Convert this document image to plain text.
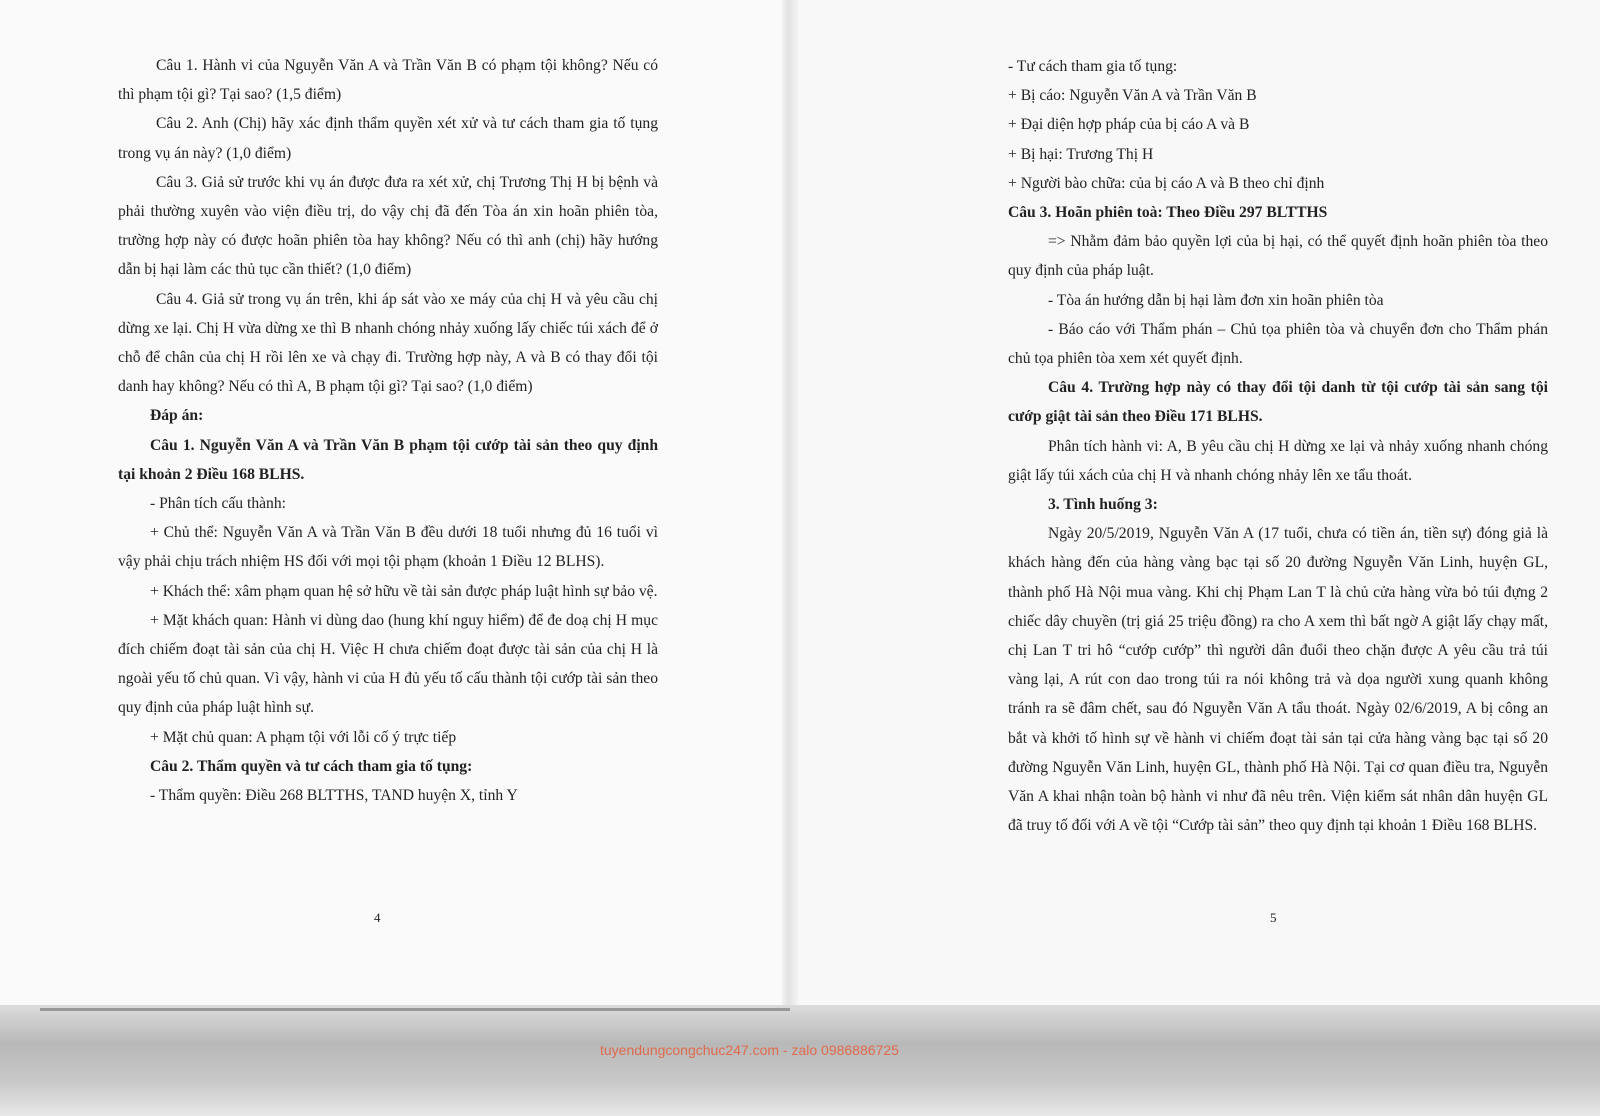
Câu 1. Hành vi của Nguyễn Văn A và Trần Văn B có phạm tội không? Nếu có thì phạm tội gì? Tại sao? (1,5 điểm)

Câu 2. Anh (Chị) hãy xác định thẩm quyền xét xử và tư cách tham gia tố tụng trong vụ án này? (1,0 điểm)

Câu 3. Giả sử trước khi vụ án được đưa ra xét xử, chị Trương Thị H bị bệnh và phải thường xuyên vào viện điều trị, do vậy chị đã đến Tòa án xin hoãn phiên tòa, trường hợp này có được hoãn phiên tòa hay không? Nếu có thì anh (chị) hãy hướng dẫn bị hại làm các thủ tục cần thiết? (1,0 điểm)

Câu 4. Giả sử trong vụ án trên, khi áp sát vào xe máy của chị H và yêu cầu chị dừng xe lại. Chị H vừa dừng xe thì B nhanh chóng nhảy xuống lấy chiếc túi xách để ở chỗ để chân của chị H rồi lên xe và chạy đi. Trường hợp này, A và B có thay đổi tội danh hay không? Nếu có thì A, B phạm tội gì? Tại sao? (1,0 điểm)

Đáp án:

Câu 1. Nguyễn Văn A và Trần Văn B phạm tội cướp tài sản theo quy định tại khoản 2 Điều 168 BLHS.

- Phân tích cấu thành:

+ Chủ thể: Nguyễn Văn A và Trần Văn B đều dưới 18 tuổi nhưng đủ 16 tuổi vì vậy phải chịu trách nhiệm HS đối với mọi tội phạm (khoản 1 Điều 12 BLHS).

+ Khách thể: xâm phạm quan hệ sở hữu về tài sản được pháp luật hình sự bảo vệ.

+ Mặt khách quan: Hành vi dùng dao (hung khí nguy hiểm) để đe doạ chị H mục đích chiếm đoạt tài sản của chị H. Việc H chưa chiếm đoạt được tài sản của chị H là ngoài yếu tố chủ quan. Vì vậy, hành vi của H đủ yếu tố cấu thành tội cướp tài sản theo quy định của pháp luật hình sự.

+ Mặt chủ quan: A phạm tội với lỗi cố ý trực tiếp

Câu 2. Thẩm quyền và tư cách tham gia tố tụng:

- Thẩm quyền: Điều 268 BLTTHS, TAND huyện X, tỉnh Y

4

- Tư cách tham gia tố tụng:

+ Bị cáo: Nguyễn Văn A và Trần Văn B

+ Đại diện hợp pháp của bị cáo A và B

+ Bị hại: Trương Thị H

+ Người bào chữa: của bị cáo A và B theo chỉ định

Câu 3. Hoãn phiên toà: Theo Điều 297 BLTTHS

=> Nhằm đảm bảo quyền lợi của bị hại, có thể quyết định hoãn phiên tòa theo quy định của pháp luật.

- Tòa án hướng dẫn bị hại làm đơn xin hoãn phiên tòa

- Báo cáo với Thẩm phán – Chủ tọa phiên tòa và chuyển đơn cho Thẩm phán chủ tọa phiên tòa xem xét quyết định.

Câu 4. Trường hợp này có thay đổi tội danh từ tội cướp tài sản sang tội cướp giật tài sản theo Điều 171 BLHS.

Phân tích hành vi: A, B yêu cầu chị H dừng xe lại và nhảy xuống nhanh chóng giật lấy túi xách của chị H và nhanh chóng nhảy lên xe tẩu thoát.

3. Tình huống 3:

Ngày 20/5/2019, Nguyễn Văn A (17 tuổi, chưa có tiền án, tiền sự) đóng giả là khách hàng đến của hàng vàng bạc tại số 20 đường Nguyễn Văn Linh, huyện GL, thành phố Hà Nội mua vàng. Khi chị Phạm Lan T là chủ cửa hàng vừa bỏ túi đựng 2 chiếc dây chuyền (trị giá 25 triệu đồng) ra cho A xem thì bất ngờ A giật lấy chạy mất, chị Lan T tri hô “cướp cướp” thì người dân đuổi theo chặn được A yêu cầu trả túi vàng lại, A rút con dao trong túi ra nói không trả và dọa người xung quanh không tránh ra sẽ đâm chết, sau đó Nguyễn Văn A tẩu thoát. Ngày 02/6/2019, A bị công an bắt và khởi tố hình sự về hành vi chiếm đoạt tài sản tại cửa hàng vàng bạc tại số 20 đường Nguyễn Văn Linh, huyện GL, thành phố Hà Nội. Tại cơ quan điều tra, Nguyễn Văn A khai nhận toàn bộ hành vi như đã nêu trên. Viện kiểm sát nhân dân huyện GL đã truy tố đối với A về tội “Cướp tài sản” theo quy định tại khoản 1 Điều 168 BLHS.

5
tuyendungcongchuc247.com - zalo 0986886725
